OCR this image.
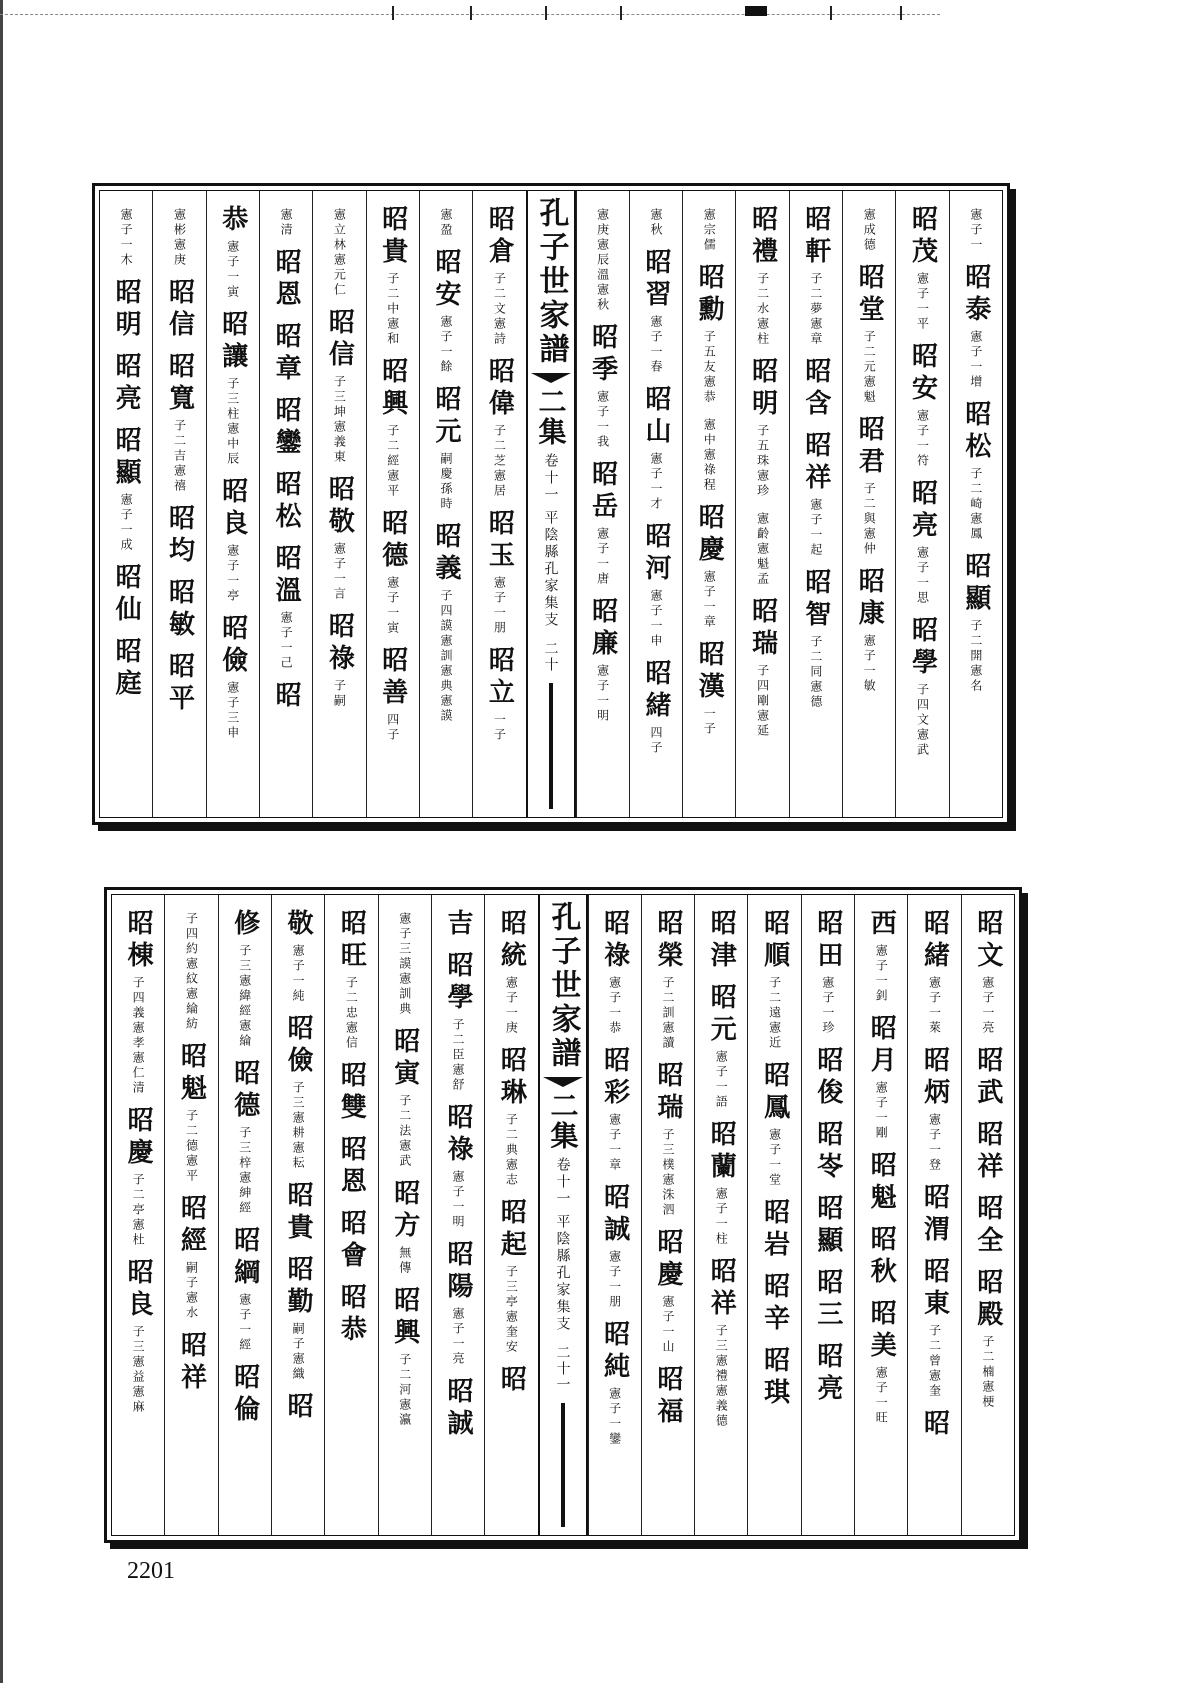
憲子一
昭泰
憲子一增
昭松
子二崎憲鳳
昭顯
子二開憲名
昭茂
憲子一平
昭安
憲子一符
昭亮
憲子一思
昭學
子四文憲武
憲成德
昭堂
子二元憲魁
昭君
子二與憲仲
昭康
憲子一敏
昭軒
子二夢憲章
昭含
昭祥
憲子一起
昭智
子二同憲德
昭禮
子二水憲柱
昭明
子五珠憲珍
憲齡憲魁孟
昭瑞
子四剛憲延
憲宗儒
昭勳
子五友憲恭
憲中憲祿程
昭慶
憲子一章
昭漢
一子
憲秋
昭習
憲子一春
昭山
憲子一才
昭河
憲子一申
昭緒
四子
憲庚憲辰溫憲秋
昭季
憲子一我
昭岳
憲子一唐
昭廉
憲子一明
孔子世家譜
二集
卷十一
平陰縣孔家集支
二十
昭倉
子二文憲詩
昭偉
子二芝憲居
昭玉
憲子一朋
昭立
一子
憲盈
昭安
憲子一餘
昭元
嗣慶孫時
昭義
子四謨憲訓憲典憲謨
昭貴
子二中憲和
昭興
子二經憲平
昭德
憲子一寅
昭善
四子
憲立林憲元仁
昭信
子三坤憲義東
昭敬
憲子一言
昭祿
子嗣
憲清
昭恩
昭章
昭鑾
昭松
昭溫
憲子一己
昭
恭
憲子一寅
昭讓
子三柱憲中辰
昭良
憲子一亭
昭儉
憲子三申
憲彬憲庚
昭信
昭寬
子二吉憲禧
昭均
昭敏
昭平
憲子一木
昭明
昭亮
昭顯
憲子一成
昭仙
昭庭
昭文
憲子一亮
昭武
昭祥
昭全
昭殿
子二楠憲梗
昭緒
憲子一萊
昭炳
憲子一登
昭渭
昭東
子二曾憲奎
昭
西
憲子一釗
昭月
憲子一剛
昭魁
昭秋
昭美
憲子一旺
昭田
憲子一珍
昭俊
昭岺
昭顯
昭三
昭亮
昭順
子二遠憲近
昭鳳
憲子一堂
昭岩
昭辛
昭琪
昭津
昭元
憲子一語
昭蘭
憲子一柱
昭祥
子三憲禮憲義德
昭榮
子二訓憲讀
昭瑞
子三樸憲洙泗
昭慶
憲子一山
昭福
昭祿
憲子一恭
昭彩
憲子一章
昭誠
憲子一朋
昭純
憲子一鑾
孔子世家譜
二集
卷十一
平陰縣孔家集支
二十一
昭統
憲子一庚
昭琳
子二典憲志
昭起
子三亭憲奎安
昭
吉
昭學
子二臣憲舒
昭祿
憲子一明
昭陽
憲子一亮
昭誠
憲子三謨憲訓典
昭寅
子二法憲武
昭方
無傳
昭興
子二河憲瀛
昭旺
子二忠憲信
昭雙
昭恩
昭會
昭恭
敬
憲子一純
昭儉
子三憲耕憲耘
昭貴
昭勤
嗣子憲織
昭
修
子三憲緯經憲綸
昭德
子三梓憲紳經
昭綱
憲子一經
昭倫
子四約憲紋憲綸紡
昭魁
子二德憲平
昭經
嗣子憲水
昭祥
昭棟
子四義憲孝憲仁清
昭慶
子二亭憲杜
昭良
子三憲益憲麻
2201
